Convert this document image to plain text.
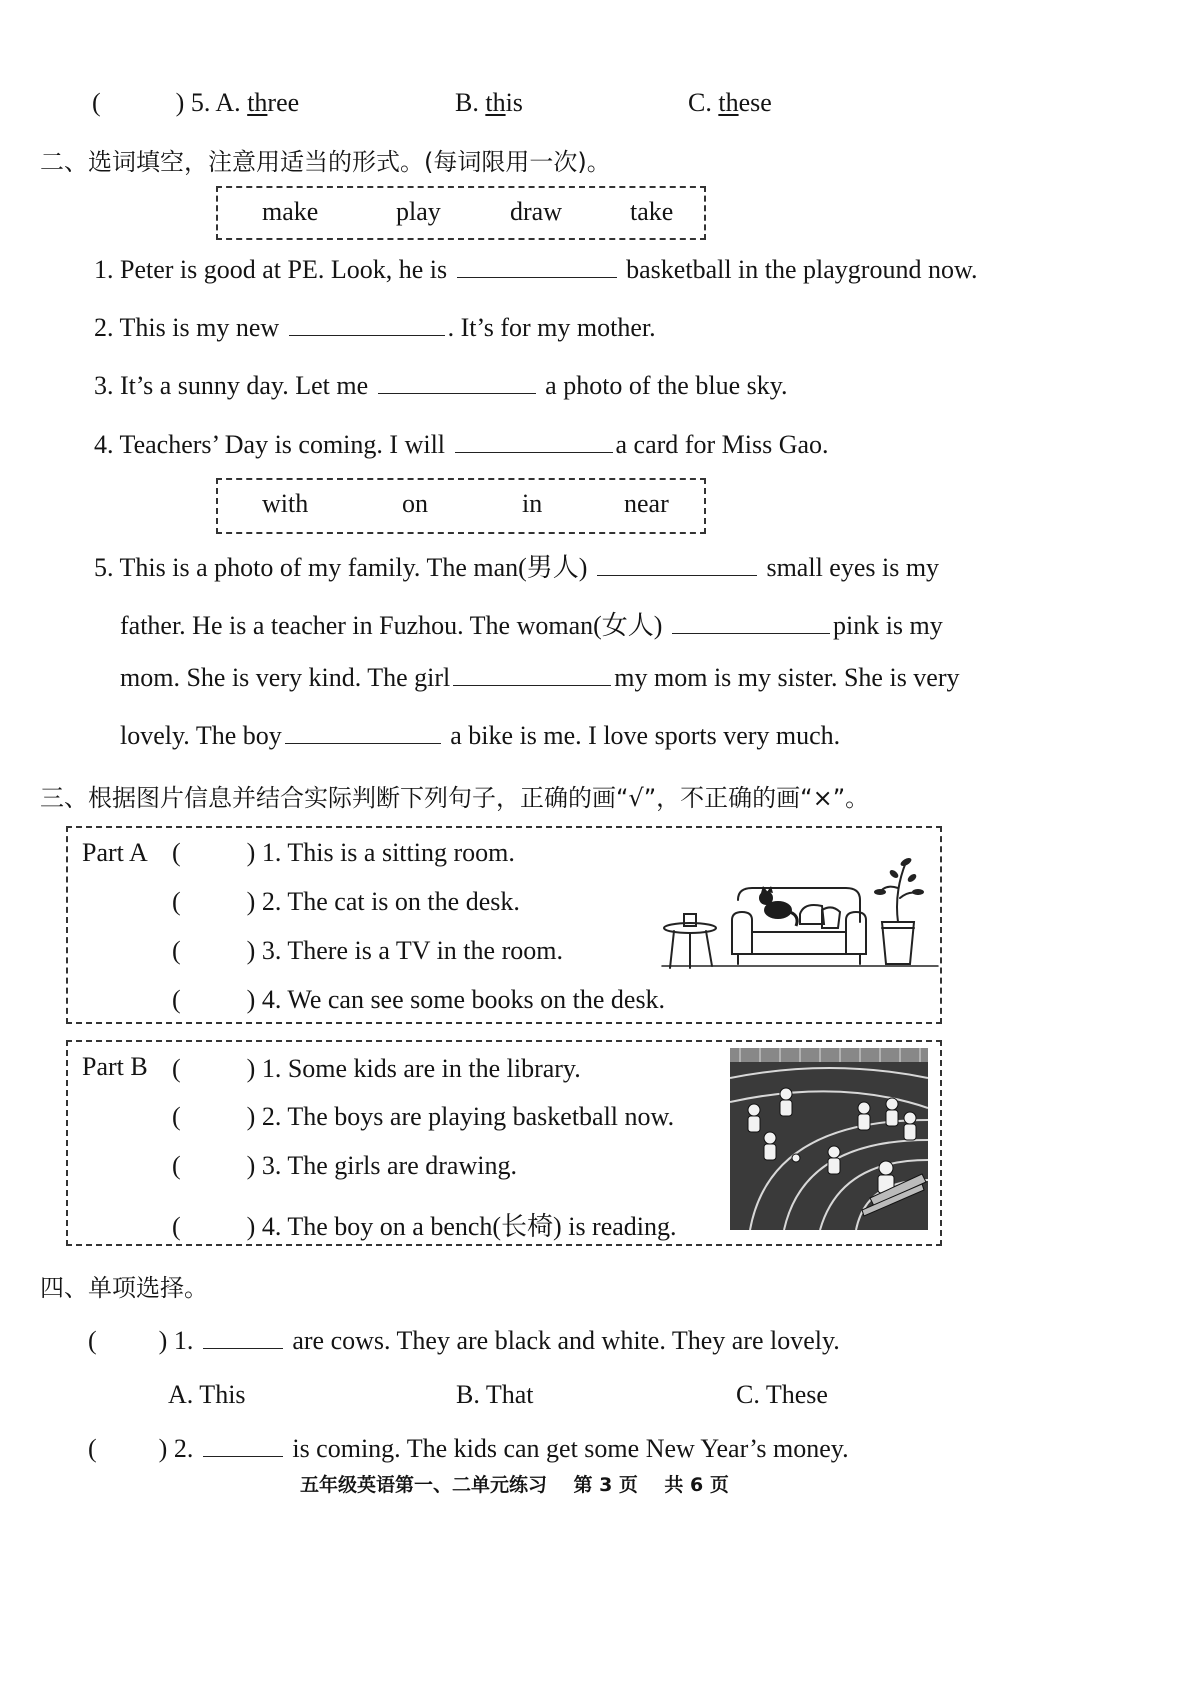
(	) 5. A. three	B. this	C. these
二、选词填空，注意用适当的形式。(每词限用一次)。
make	play	draw	take
1. Peter is good at PE. Look, he is	basketball in the playground now.
2. This is my new	. It’s for my mother.
3. It’s a sunny day. Let me	a photo of the blue sky.
4. Teachers’ Day is coming. I will	a card for Miss Gao.
with	on	in	near
5. This is a photo of my family. The man(男人)	small eyes is my
father. He is a teacher in Fuzhou. The woman(女人)	pink is my
mom. She is very kind. The girl	my mom is my sister. She is very
lovely. The boy	a bike is me. I love sports very much.
三、根据图片信息并结合实际判断下列句子，正确的画“√”，不正确的画“×”。
Part A (	) 1. This is a sitting room.
(	) 2. The cat is on the desk.
(	) 3. There is a TV in the room.
(	) 4. We can see some books on the desk.
Part B (	) 1. Some kids are in the library.
(	) 2. The boys are playing basketball now.
(	) 3. The girls are drawing.
(	) 4. The boy on a bench(长椅) is reading.
四、单项选择。
( ) 1.	are cows. They are black and white. They are lovely.
A. This	B. That	C. These
( ) 2.	is coming. The kids can get some New Year’s money.
五年级英语第一、二单元练习    第 3 页    共 6 页
